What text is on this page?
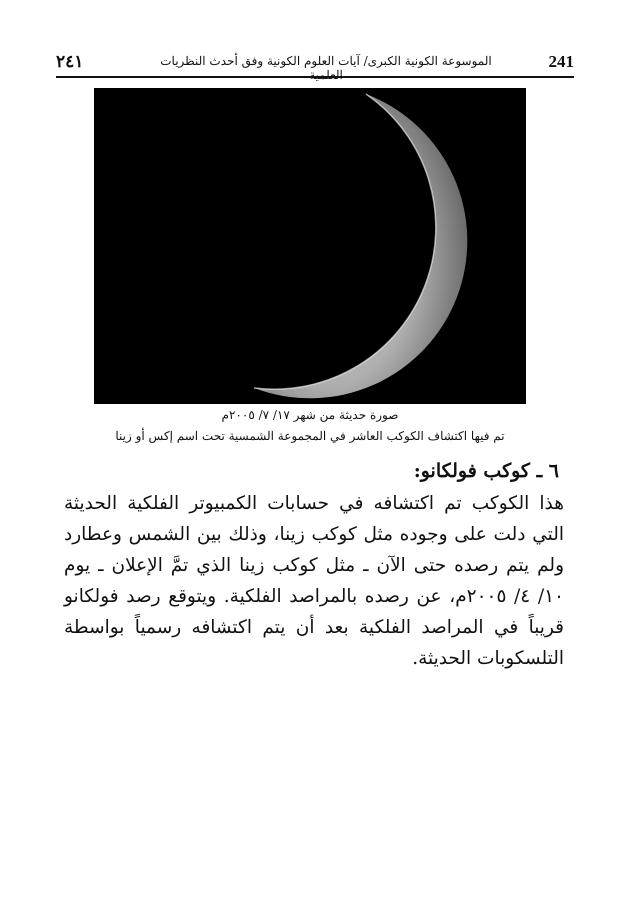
٢٤١	الموسوعة الكونية الكبرى/ آيات العلوم الكونية وفق أحدث النظريات العلمية
241
صورة حديثة من شهر ١٧/ ٧/ ٢٠٠٥م
تم فيها اكتشاف الكوكب العاشر في المجموعة الشمسية تحت اسم إكس أو زينا
٦ ـ كوكب فولكانو:
هذا الكوكب تم اكتشافه في حسابات الكمبيوتر الفلكية الحديثة
التي دلت على وجوده مثل كوكب زينا، وذلك بين الشمس وعطارد
ولم يتم رصده حتى الآن ـ مثل كوكب زينا الذي تمَّ الإعلان ـ يوم
١٠/ ٤/ ٢٠٠٥م، عن رصده بالمراصد الفلكية. ويتوقع رصد فولكانو
قريباً في المراصد الفلكية بعد أن يتم اكتشافه رسمياً بواسطة
التلسكوبات الحديثة.
